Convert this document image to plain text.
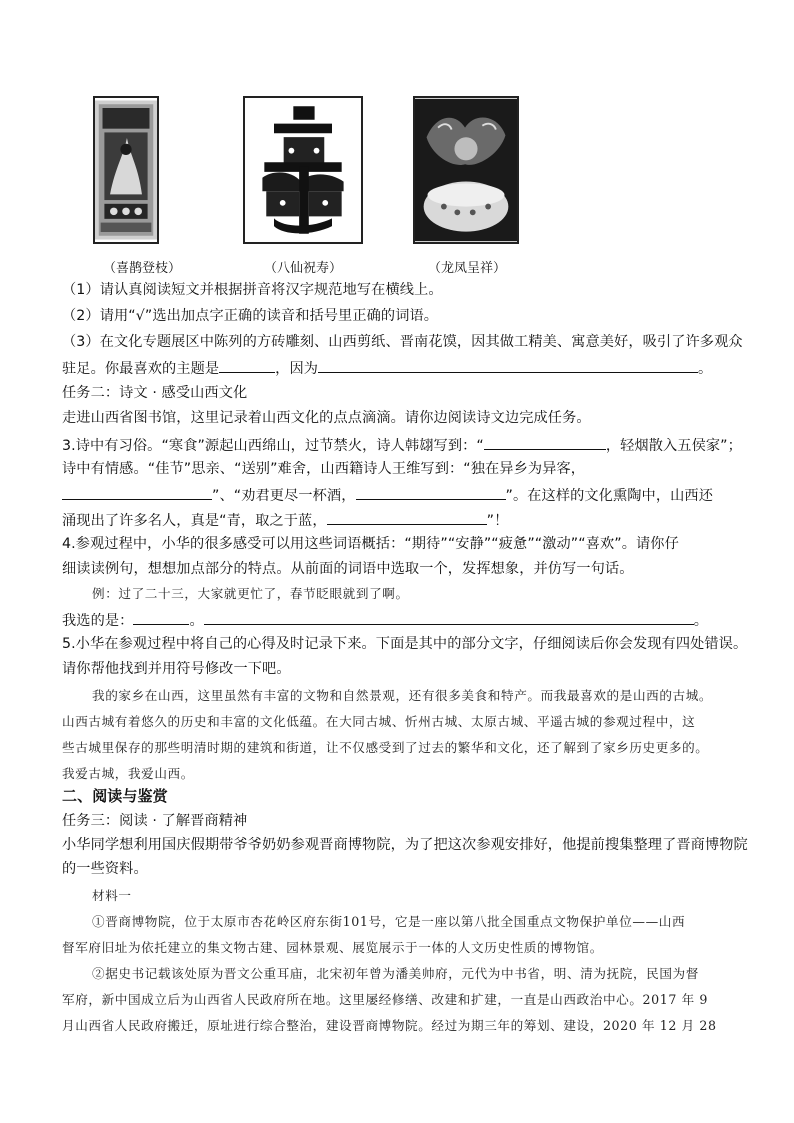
（喜鹊登枝）	（八仙祝寿）	（龙凤呈祥）
（1）请认真阅读短文并根据拼音将汉字规范地写在横线上。
（2）请用“√”选出加点字正确的读音和括号里正确的词语。
（3）在文化专题展区中陈列的方砖雕刻、山西剪纸、晋南花馍，因其做工精美、寓意美好，吸引了许多观众
驻足。你最喜欢的主题是	，因为	。
任务二：诗文 · 感受山西文化
走进山西省图书馆，这里记录着山西文化的点点滴滴。请你边阅读诗文边完成任务。
3.诗中有习俗。“寒食”源起山西绵山，过节禁火，诗人韩翃写到：“	，轻烟散入五侯家”；
诗中有情感。“佳节”思亲、“送别”难舍，山西籍诗人王维写到：“独在异乡为异客，
”、“劝君更尽一杯酒，	”。在这样的文化熏陶中，山西还
涌现出了许多名人，真是“青，取之于蓝，	”！
4.参观过程中，小华的很多感受可以用这些词语概括：“期待”“安静”“疲惫”“激动”“喜欢”。请你仔
细读读例句，想想加点部分的特点。从前面的词语中选取一个，发挥想象，并仿写一句话。
例：过了二十三，大家就更忙了，春节眨眼就到了啊。
我选的是：	。	。
5.小华在参观过程中将自己的心得及时记录下来。下面是其中的部分文字，仔细阅读后你会发现有四处错误。
请你帮他找到并用符号修改一下吧。
我的家乡在山西，这里虽然有丰富的文物和自然景观，还有很多美食和特产。而我最喜欢的是山西的古城。
山西古城有着悠久的历史和丰富的文化低蕴。在大同古城、忻州古城、太原古城、平遥古城的参观过程中，这
些古城里保存的那些明清时期的建筑和街道，让不仅感受到了过去的繁华和文化，还了解到了家乡历史更多的。
我爱古城，我爱山西。
二、阅读与鉴赏
任务三：阅读 · 了解晋商精神
小华同学想利用国庆假期带爷爷奶奶参观晋商博物院，为了把这次参观安排好，他提前搜集整理了晋商博物院
的一些资料。
材料一
①晋商博物院，位于太原市杏花岭区府东街101号，它是一座以第八批全国重点文物保护单位——山西
督军府旧址为依托建立的集文物古建、园林景观、展览展示于一体的人文历史性质的博物馆。
②据史书记载该处原为晋文公重耳庙，北宋初年曾为潘美帅府，元代为中书省，明、清为抚院，民国为督
军府，新中国成立后为山西省人民政府所在地。这里屡经修缮、改建和扩建，一直是山西政治中心。2017 年 9
月山西省人民政府搬迁，原址进行综合整治，建设晋商博物院。经过为期三年的筹划、建设，2020 年 12 月 28
